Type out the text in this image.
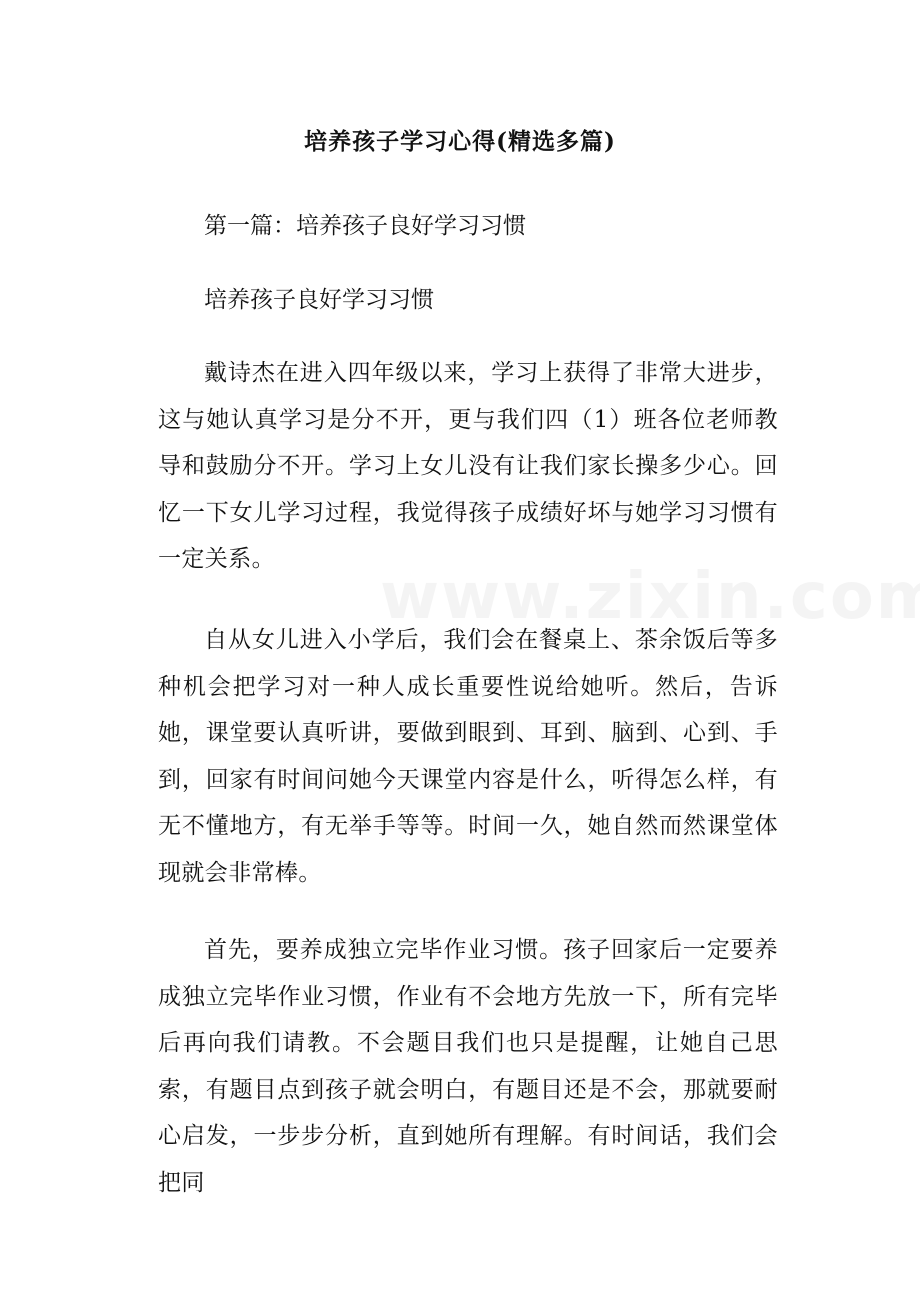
培养孩子学习心得(精选多篇)
第一篇：培养孩子良好学习习惯
培养孩子良好学习习惯

戴诗杰在进入四年级以来，学习上获得了非常大进步，这与她认真学习是分不开，更与我们四（1）班各位老师教导和鼓励分不开。学习上女儿没有让我们家长操多少心。回忆一下女儿学习过程，我觉得孩子成绩好坏与她学习习惯有一定关系。

自从女儿进入小学后，我们会在餐桌上、茶余饭后等多种机会把学习对一种人成长重要性说给她听。然后，告诉她，课堂要认真听讲，要做到眼到、耳到、脑到、心到、手到，回家有时间问她今天课堂内容是什么，听得怎么样，有无不懂地方，有无举手等等。时间一久，她自然而然课堂体现就会非常棒。

首先，要养成独立完毕作业习惯。孩子回家后一定要养成独立完毕作业习惯，作业有不会地方先放一下，所有完毕后再向我们请教。不会题目我们也只是提醒，让她自己思索，有题目点到孩子就会明白，有题目还是不会，那就要耐心启发，一步步分析，直到她所有理解。有时间话，我们会把同
